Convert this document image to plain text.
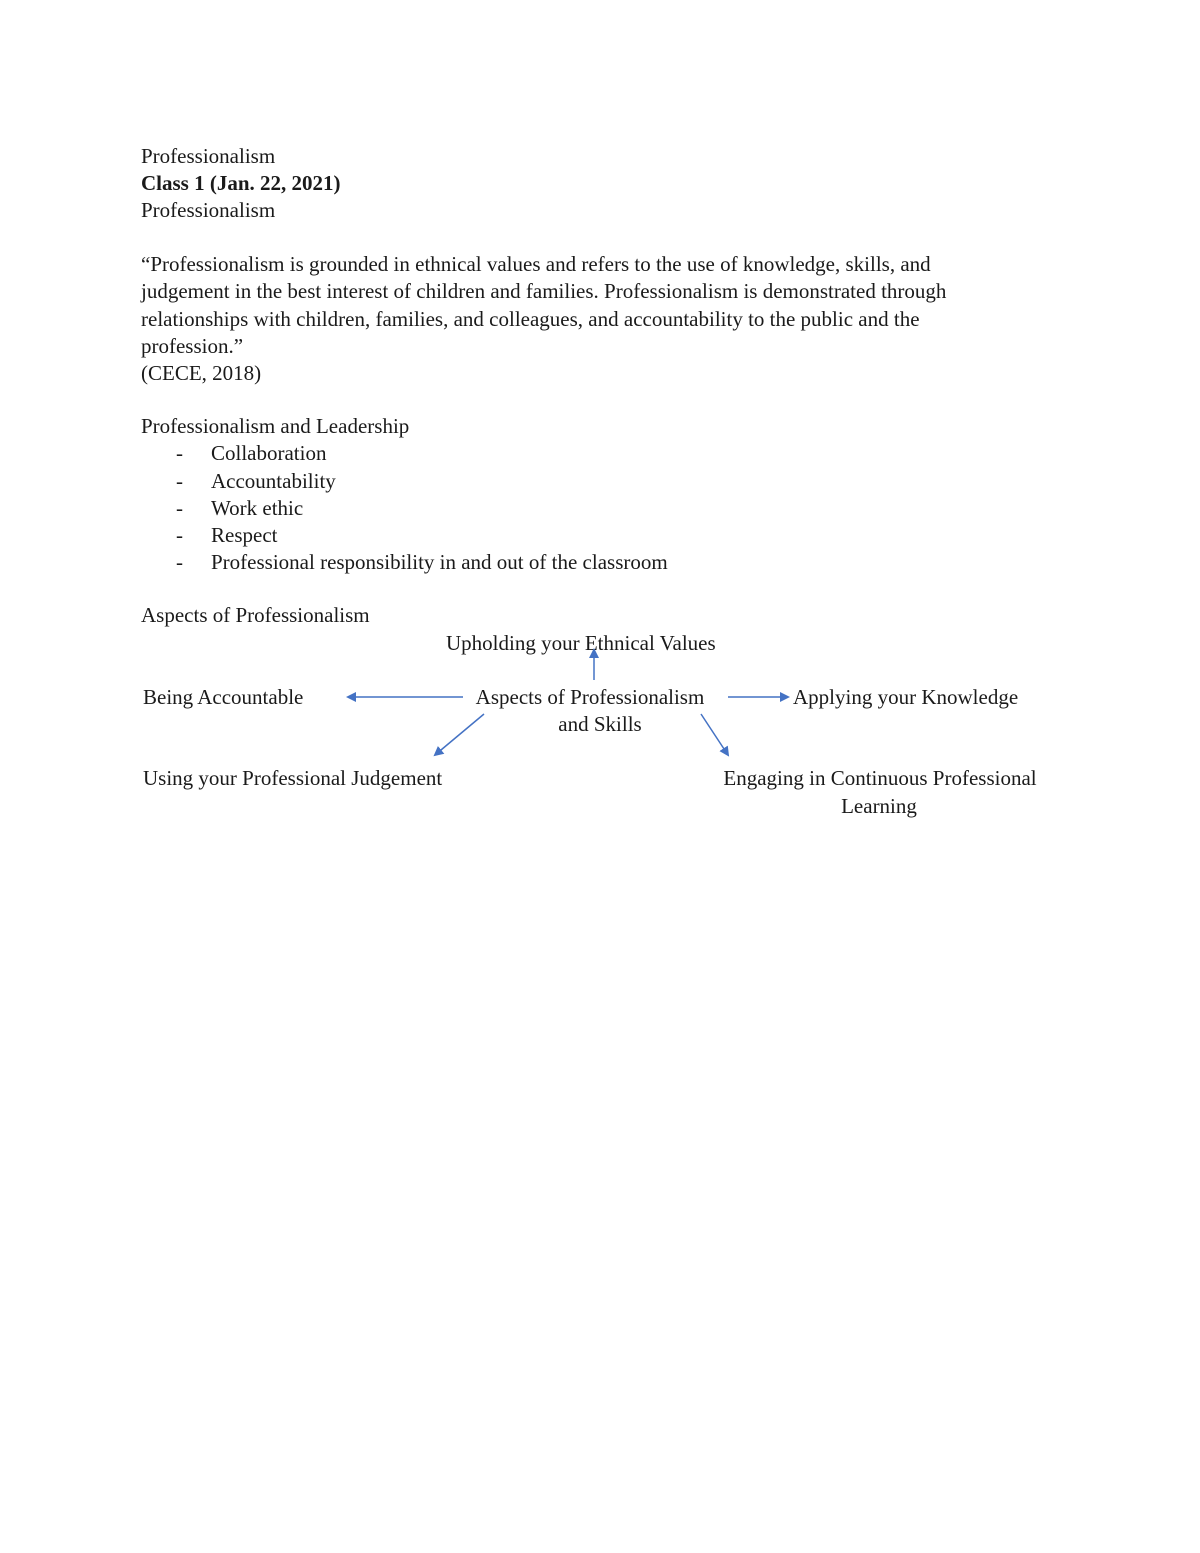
Professionalism
Class 1 (Jan. 22, 2021)
Professionalism
“Professionalism is grounded in ethnical values and refers to the use of knowledge, skills, and
judgement in the best interest of children and families. Professionalism is demonstrated through
relationships with children, families, and colleagues, and accountability to the public and the
profession.”
(CECE, 2018)
Professionalism and Leadership
- Collaboration
- Accountability
- Work ethic
- Respect
- Professional responsibility in and out of the classroom
Aspects of Professionalism
Upholding your Ethnical Values
Being Accountable	Aspects of Professionalism
and Skills
Applying your Knowledge
Using your Professional Judgement	Engaging in Continuous Professional
Learning
